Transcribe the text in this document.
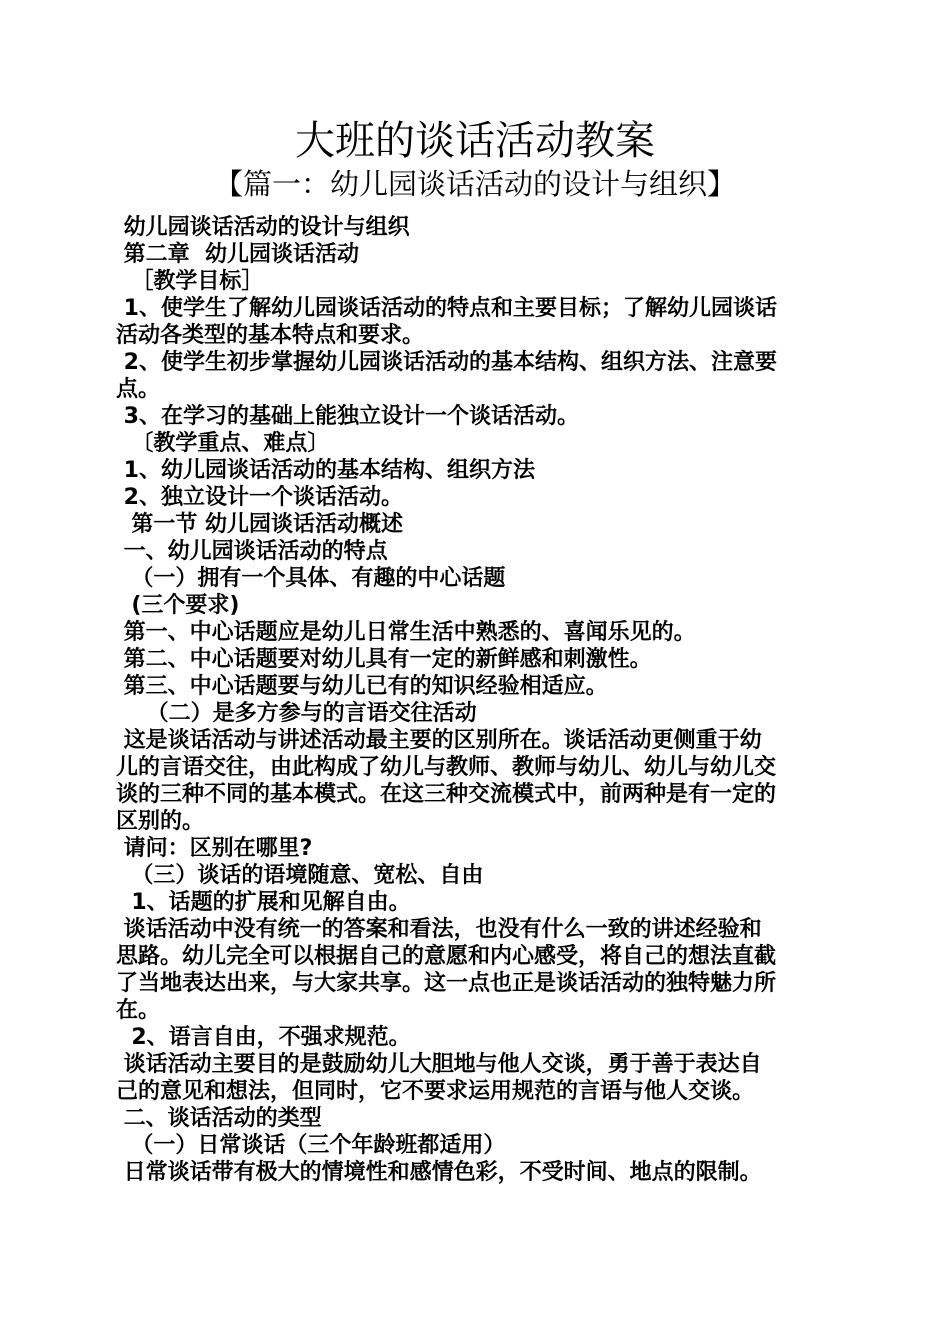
大班的谈话活动教案
【篇一：幼儿园谈话活动的设计与组织】

幼儿园谈话活动的设计与组织

第二章  幼儿园谈话活动

［教学目标］

1、使学生了解幼儿园谈话活动的特点和主要目标；了解幼儿园谈话

活动各类型的基本特点和要求。

2、使学生初步掌握幼儿园谈话活动的基本结构、组织方法、注意要

点。

3、在学习的基础上能独立设计一个谈话活动。

〔教学重点、难点〕

1、幼儿园谈话活动的基本结构、组织方法

2、独立设计一个谈话活动。

第一节 幼儿园谈话活动概述

一、幼儿园谈话活动的特点

（一）拥有一个具体、有趣的中心话题

(三个要求)

第一、中心话题应是幼儿日常生活中熟悉的、喜闻乐见的。

第二、中心话题要对幼儿具有一定的新鲜感和刺激性。

第三、中心话题要与幼儿已有的知识经验相适应。

（二）是多方参与的言语交往活动

这是谈话活动与讲述活动最主要的区别所在。谈话活动更侧重于幼

儿的言语交往，由此构成了幼儿与教师、教师与幼儿、幼儿与幼儿交

谈的三种不同的基本模式。在这三种交流模式中，前两种是有一定的

区别的。

请问：区别在哪里?

（三）谈话的语境随意、宽松、自由

1、话题的扩展和见解自由。

谈话活动中没有统一的答案和看法，也没有什么一致的讲述经验和

思路。幼儿完全可以根据自己的意愿和内心感受，将自己的想法直截

了当地表达出来，与大家共享。这一点也正是谈话活动的独特魅力所

在。

2、语言自由，不强求规范。

谈话活动主要目的是鼓励幼儿大胆地与他人交谈，勇于善于表达自

己的意见和想法，但同时，它不要求运用规范的言语与他人交谈。

二、谈话活动的类型

（一）日常谈话（三个年龄班都适用）

日常谈话带有极大的情境性和感情色彩，不受时间、地点的限制。
